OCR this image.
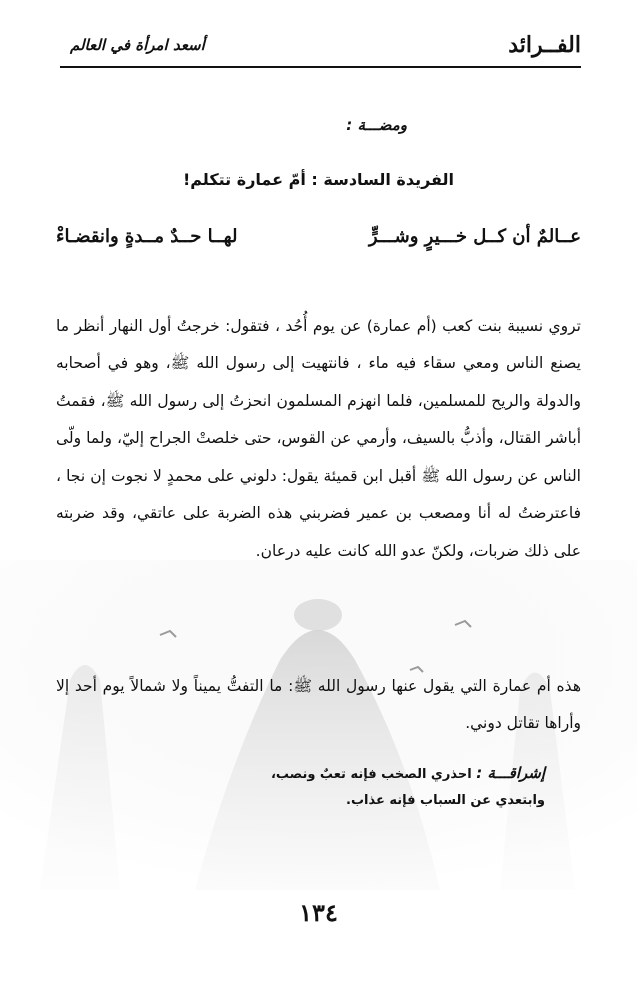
الفــرائد
أسعد امرأة في العالم
ومضـــة :
الفريدة السادسة : أمّ عمارة تتكلم!
عــالمٌ أن كــل خـــيرٍ وشـــرٍّ
لهــا حــدٌ مــدةٍ وانقضـاءْ

تروي نسيبة بنت كعب (أم عمارة) عن يوم أُحُد ، فتقول: خرجتُ أول النهار أنظر ما يصنع الناس ومعي سقاء فيه ماء ، فانتهيت إلى رسول الله ﷺ، وهو في أصحابه والدولة والريح للمسلمين، فلما انهزم المسلمون انحزتُ إلى رسول الله ﷺ، فقمتُ أباشر القتال، وأذبُّ بالسيف، وأرمي عن القوس، حتى خلصتْ الجراح إليّ، ولما ولّى الناس عن رسول الله ﷺ أقبل ابن قميئة يقول: دلوني على محمدٍ لا نجوت إن نجا ، فاعترضتُ له أنا ومصعب بن عمير فضربني هذه الضربة على عاتقي، وقد ضربته على ذلك ضربات، ولكنّ عدو الله كانت عليه درعان.

هذه أم عمارة التي يقول عنها رسول الله ﷺ: ما التفتُّ يميناً ولا شمالاً يوم أحد إلا وأراها تقاتل دوني.

إشراقـــة : احذري الصخب فإنه تعبٌ ونصب،
وابتعدي عن السباب فإنه عذاب.
١٣٤
